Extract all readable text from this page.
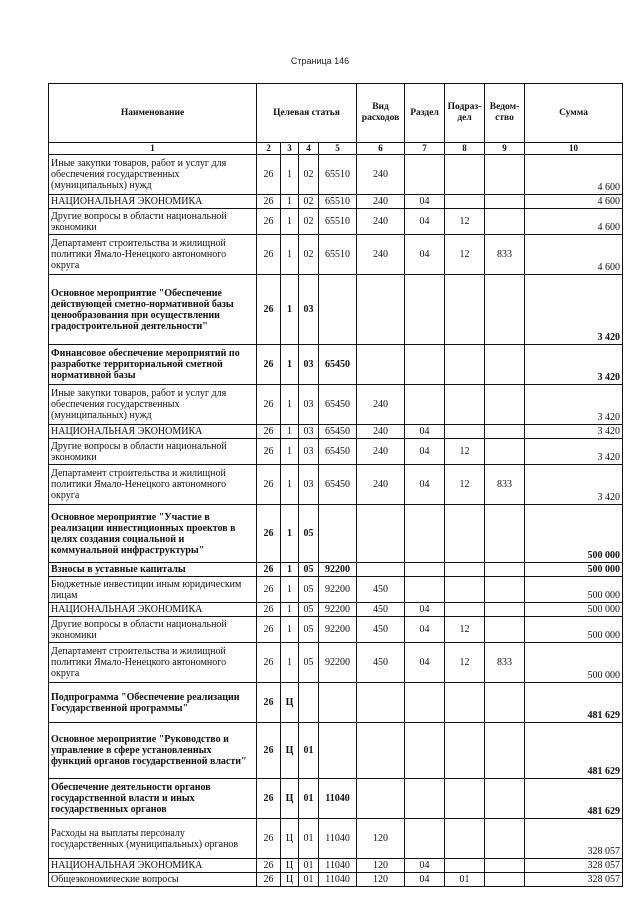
Страница 146
Наименование	Целевая статья				Вид расходов	Раздел	Подраз-дел	Ведом-ство	Сумма
1	2	3	4	5	6	7	8	9	10
Иные закупки товаров, работ и услуг для обеспечения государственных (муниципальных) нужд	26	1	02	65510	240				4 600
НАЦИОНАЛЬНАЯ ЭКОНОМИКА	26	1	02	65510	240	04			4 600
Другие вопросы в области национальной экономики	26	1	02	65510	240	04	12		4 600
Департамент строительства и жилищной политики Ямало-Ненецкого автономного округа	26	1	02	65510	240	04	12	833	4 600
Основное мероприятие "Обеспечение действующей сметно-нормативной базы ценообразования при осуществлении градостроительной деятельности"	26	1	03						3 420
Финансовое обеспечение мероприятий по разработке территориальной сметной нормативной базы	26	1	03	65450					3 420
Иные закупки товаров, работ и услуг для обеспечения государственных (муниципальных) нужд	26	1	03	65450	240				3 420
НАЦИОНАЛЬНАЯ ЭКОНОМИКА	26	1	03	65450	240	04			3 420
Другие вопросы в области национальной экономики	26	1	03	65450	240	04	12		3 420
Департамент строительства и жилищной политики Ямало-Ненецкого автономного округа	26	1	03	65450	240	04	12	833	3 420
Основное мероприятие "Участие в реализации инвестиционных проектов в целях создания социальной и коммунальной инфраструктуры"	26	1	05						500 000
Взносы в уставные капиталы	26	1	05	92200					500 000
Бюджетные инвестиции иным юридическим лицам	26	1	05	92200	450				500 000
НАЦИОНАЛЬНАЯ ЭКОНОМИКА	26	1	05	92200	450	04			500 000
Другие вопросы в области национальной экономики	26	1	05	92200	450	04	12		500 000
Департамент строительства и жилищной политики Ямало-Ненецкого автономного округа	26	1	05	92200	450	04	12	833	500 000
Подпрограмма "Обеспечение реализации Государственной программы"	26	Ц							481 629
Основное мероприятие "Руководство и управление в сфере установленных функций органов государственной власти"	26	Ц	01						481 629
Обеспечение деятельности органов государственной власти и иных государственных органов	26	Ц	01	11040					481 629
Расходы на выплаты персоналу государственных (муниципальных) органов	26	Ц	01	11040	120				328 057
НАЦИОНАЛЬНАЯ ЭКОНОМИКА	26	Ц	01	11040	120	04			328 057
Общеэкономические вопросы	26	Ц	01	11040	120	04	01		328 057
